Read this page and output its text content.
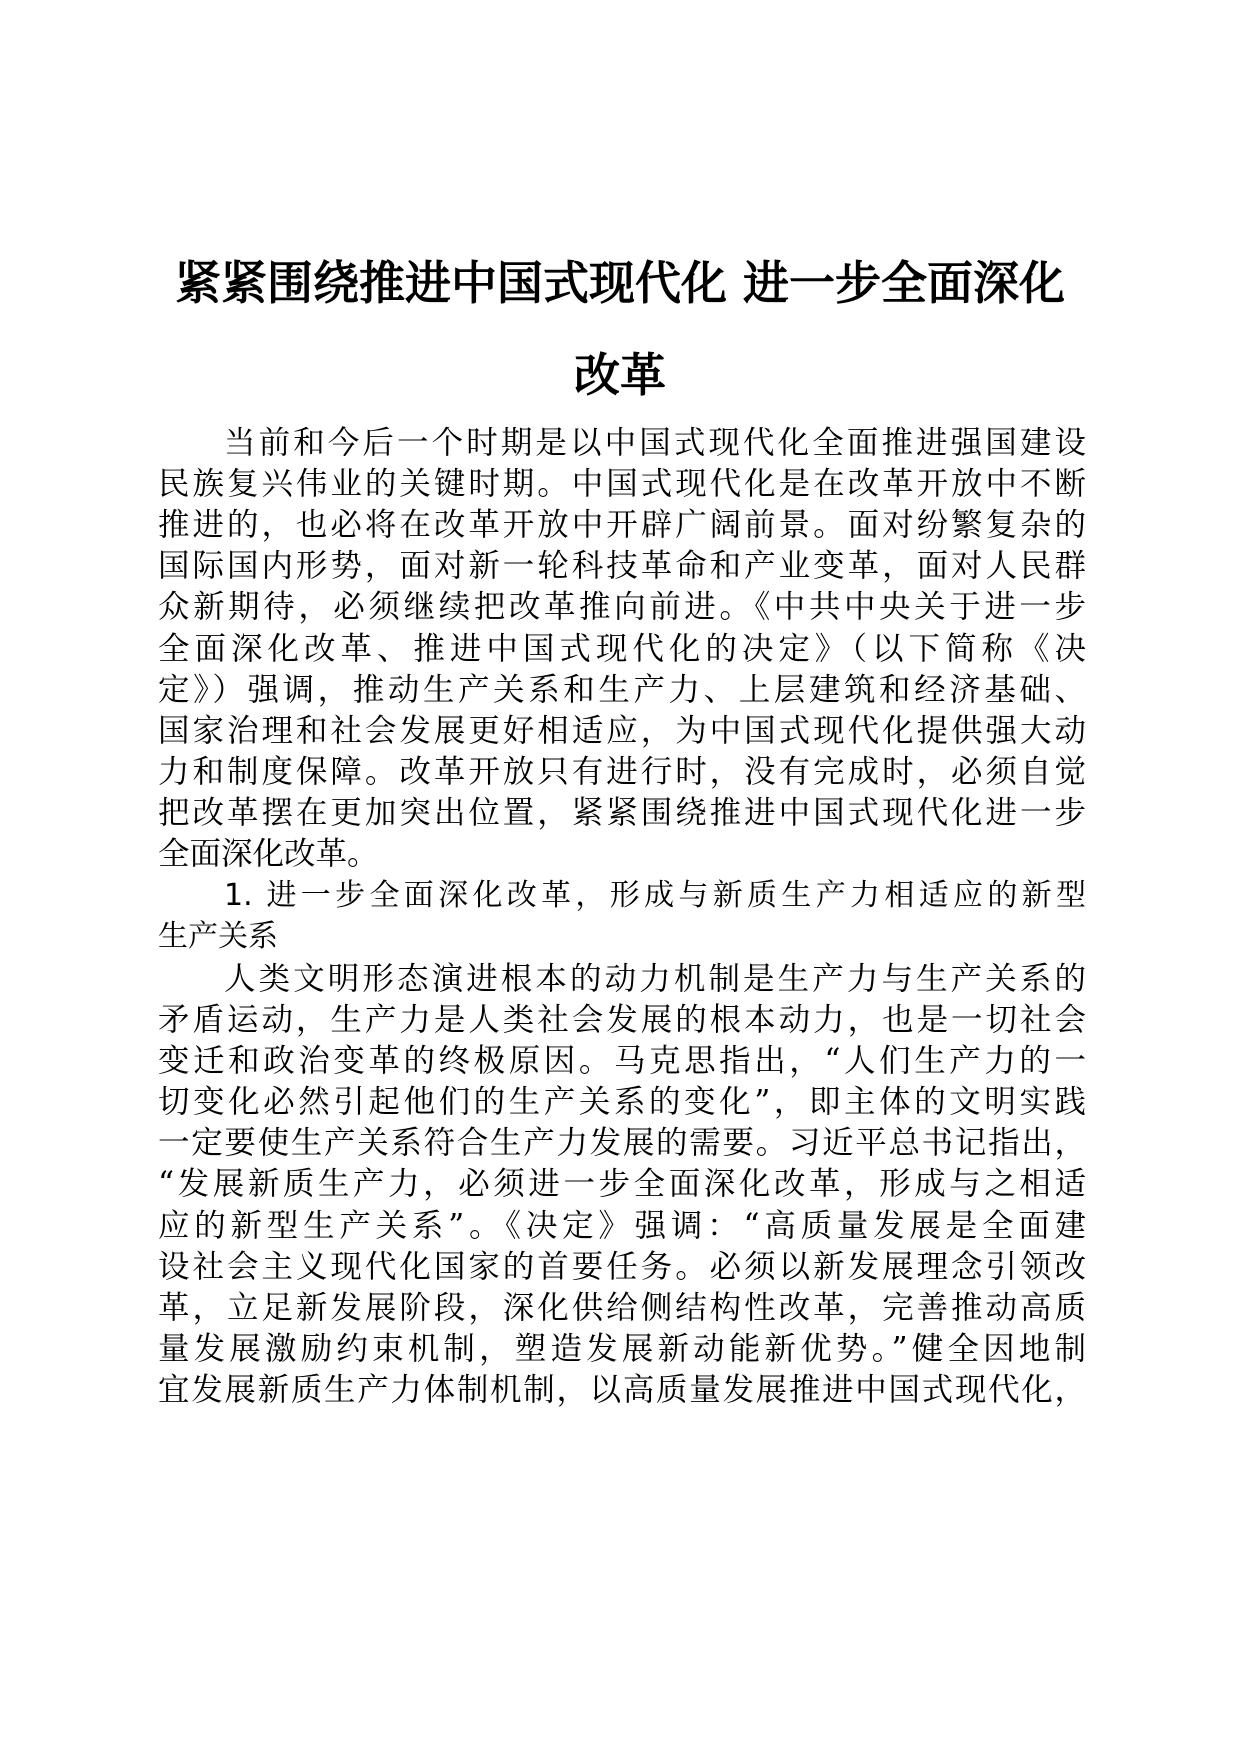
紧紧围绕推进中国式现代化 进一步全面深化
改革
当前和今后一个时期是以中国式现代化全面推进强国建设
民族复兴伟业的关键时期。中国式现代化是在改革开放中不断
推进的，也必将在改革开放中开辟广阔前景。面对纷繁复杂的
国际国内形势，面对新一轮科技革命和产业变革，面对人民群
众新期待，必须继续把改革推向前进。《中共中央关于进一步
全面深化改革、推进中国式现代化的决定》（以下简称《决
定》）强调，推动生产关系和生产力、上层建筑和经济基础、
国家治理和社会发展更好相适应，为中国式现代化提供强大动
力和制度保障。改革开放只有进行时，没有完成时，必须自觉
把改革摆在更加突出位置，紧紧围绕推进中国式现代化进一步
全面深化改革。
1. 进一步全面深化改革，形成与新质生产力相适应的新型
生产关系
人类文明形态演进根本的动力机制是生产力与生产关系的
矛盾运动，生产力是人类社会发展的根本动力，也是一切社会
变迁和政治变革的终极原因。马克思指出，“人们生产力的一
切变化必然引起他们的生产关系的变化”，即主体的文明实践
一定要使生产关系符合生产力发展的需要。习近平总书记指出，
“发展新质生产力，必须进一步全面深化改革，形成与之相适
应的新型生产关系”。《决定》强调：“高质量发展是全面建
设社会主义现代化国家的首要任务。必须以新发展理念引领改
革，立足新发展阶段，深化供给侧结构性改革，完善推动高质
量发展激励约束机制，塑造发展新动能新优势。”健全因地制
宜发展新质生产力体制机制，以高质量发展推进中国式现代化，
